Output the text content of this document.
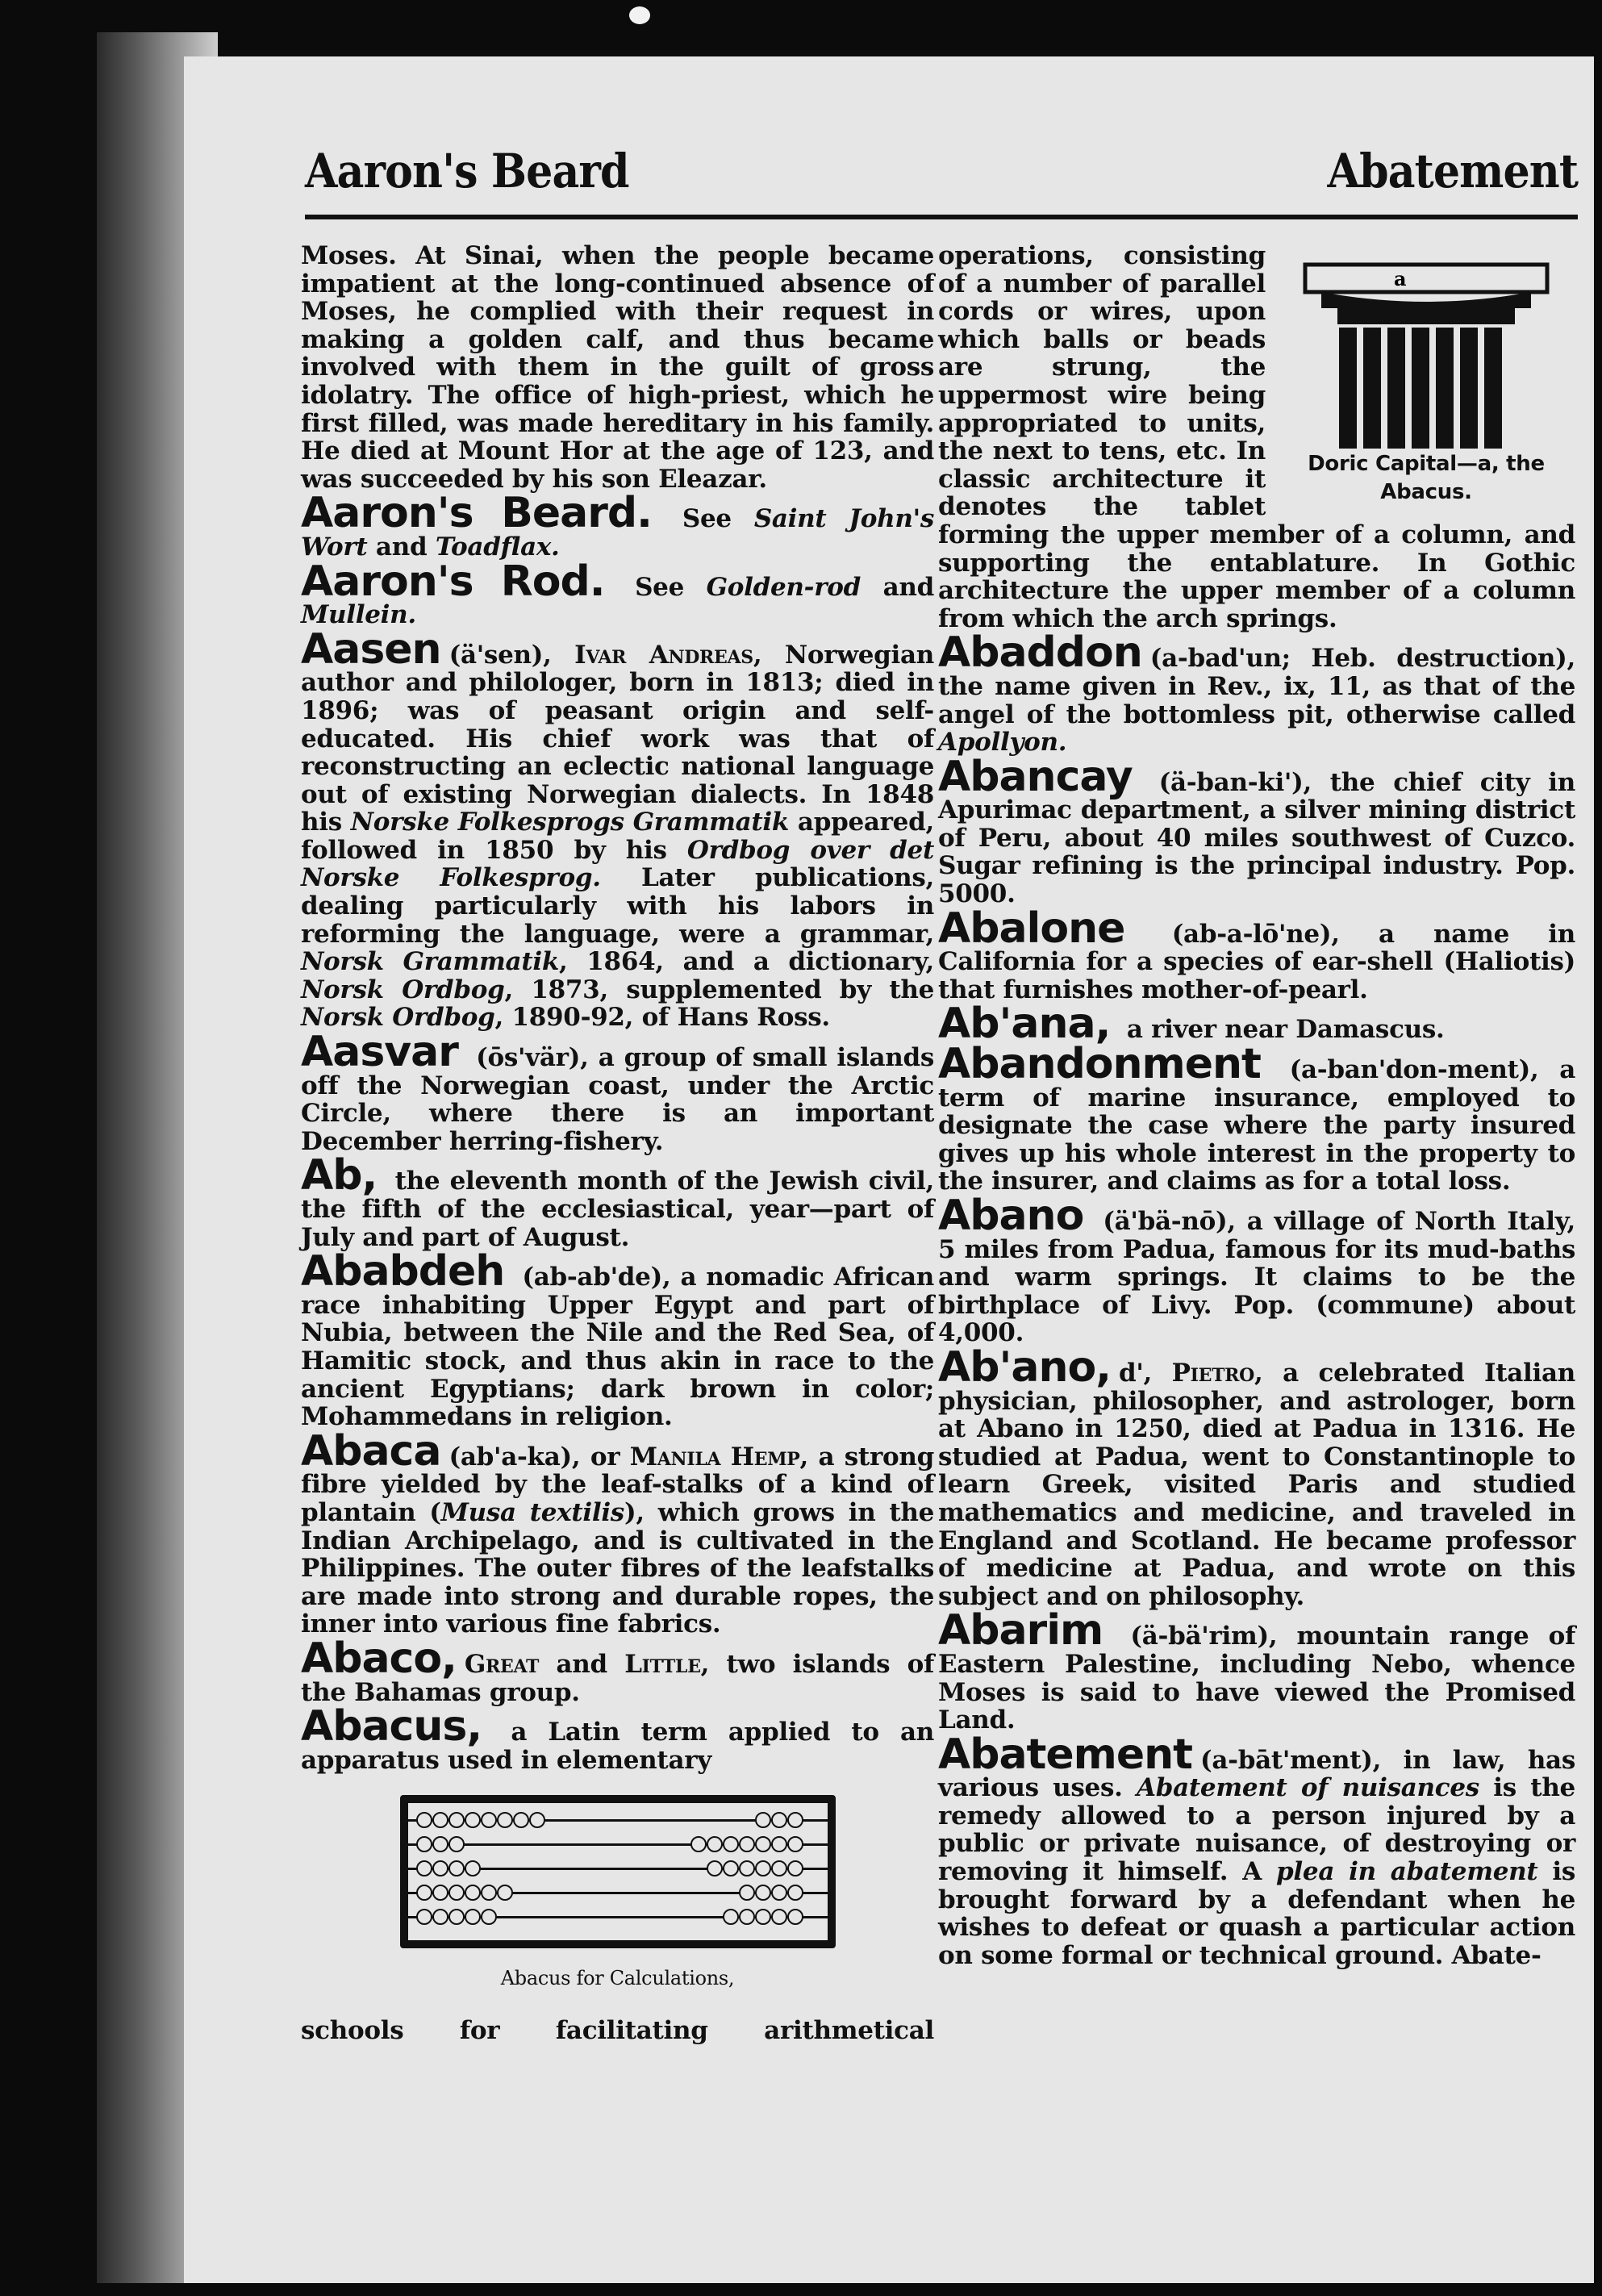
Aaron's Beard	Abatement

Moses. At Sinai, when the people became impatient at the long-continued absence of Moses, he complied with their request in making a golden calf, and thus became involved with them in the guilt of gross idolatry. The office of high-priest, which he first filled, was made hereditary in his family. He died at Mount Hor at the age of 123, and was succeeded by his son Eleazar.

Aaron's Beard. See Saint John's Wort and Toadflax.

Aaron's Rod. See Golden-rod and Mullein.

Aasen (ä'sen), Ivar Andreas, Norwegian author and philologer, born in 1813; died in 1896; was of peasant origin and self-educated. His chief work was that of reconstructing an eclectic national language out of existing Norwegian dialects. In 1848 his Norske Folkesprogs Grammatik appeared, followed in 1850 by his Ordbog over det Norske Folkesprog. Later publications, dealing particularly with his labors in reforming the language, were a grammar, Norsk Grammatik, 1864, and a dictionary, Norsk Ordbog, 1873, supplemented by the Norsk Ordbog, 1890-92, of Hans Ross.

Aasvar (ōs'vär), a group of small islands off the Norwegian coast, under the Arctic Circle, where there is an important December herring-fishery.

Ab, the eleventh month of the Jewish civil, the fifth of the ecclesiastical, year—part of July and part of August.

Ababdeh (ab-ab'de), a nomadic African race inhabiting Upper Egypt and part of Nubia, between the Nile and the Red Sea, of Hamitic stock, and thus akin in race to the ancient Egyptians; dark brown in color; Mohammedans in religion.

Abaca (ab'a-ka), or Manila Hemp, a strong fibre yielded by the leaf-stalks of a kind of plantain (Musa textilis), which grows in the Indian Archipelago, and is cultivated in the Philippines. The outer fibres of the leafstalks are made into strong and durable ropes, the inner into various fine fabrics.

Abaco, Great and Little, two islands of the Bahamas group.

Abacus, a Latin term applied to an apparatus used in elementary

Abacus for Calculations,
schools for facilitating arithmetical

a
Doric Capital—a, the Abacus.
operations, consisting of a number of parallel cords or wires, upon which balls or beads are strung, the uppermost wire being appropriated to units, the next to tens, etc. In classic architecture it denotes the tablet forming the upper member of a column, and supporting the entablature. In Gothic architecture the upper member of a column from which the arch springs.

Abaddon (a-bad'un; Heb. destruction), the name given in Rev., ix, 11, as that of the angel of the bottomless pit, otherwise called Apollyon.

Abancay (ä-ban-ki'), the chief city in Apurimac department, a silver mining district of Peru, about 40 miles southwest of Cuzco. Sugar refining is the principal industry. Pop. 5000.

Abalone (ab-a-lō'ne), a name in California for a species of ear-shell (Haliotis) that furnishes mother-of-pearl.

Ab'ana, a river near Damascus.

Abandonment (a-ban'don-ment), a term of marine insurance, employed to designate the case where the party insured gives up his whole interest in the property to the insurer, and claims as for a total loss.

Abano (ä'bä-nō), a village of North Italy, 5 miles from Padua, famous for its mud-baths and warm springs. It claims to be the birthplace of Livy. Pop. (commune) about 4,000.

Ab'ano, d', Pietro, a celebrated Italian physician, philosopher, and astrologer, born at Abano in 1250, died at Padua in 1316. He studied at Padua, went to Constantinople to learn Greek, visited Paris and studied mathematics and medicine, and traveled in England and Scotland. He became professor of medicine at Padua, and wrote on this subject and on philosophy.

Abarim (ä-bä'rim), mountain range of Eastern Palestine, including Nebo, whence Moses is said to have viewed the Promised Land.

Abatement (a-bāt'ment), in law, has various uses. Abatement of nuisances is the remedy allowed to a person injured by a public or private nuisance, of destroying or removing it himself. A plea in abatement is brought forward by a defendant when he wishes to defeat or quash a particular action on some formal or technical ground. Abate-
